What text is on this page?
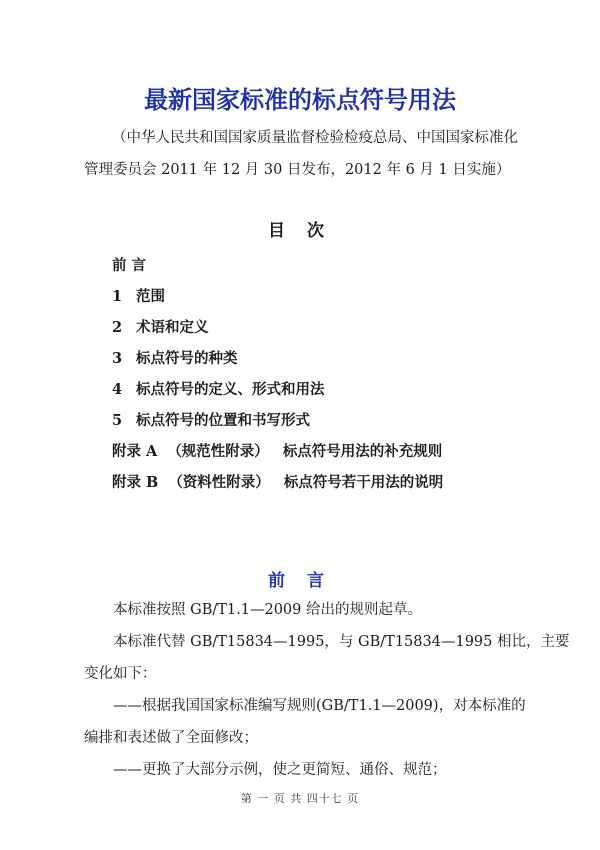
最新国家标准的标点符号用法

（中华人民共和国国家质量监督检验检疫总局、中国国家标准化
管理委员会 2011 年 12 月 30 日发布，2012 年 6 月 1 日实施）

目 次
前 言
1 范围
2 术语和定义
3 标点符号的种类
4 标点符号的定义、形式和用法
5 标点符号的位置和书写形式
附录 A （规范性附录） 标点符号用法的补充规则
附录 B （资料性附录） 标点符号若干用法的说明
前 言

本标准按照 GB/T1.1—2009 给出的规则起草。

本标准代替 GB/T15834—1995，与 GB/T15834—1995 相比，主要

变化如下：

——根据我国国家标准编写规则(GB/T1.1—2009)，对本标准的

编排和表述做了全面修改；

——更换了大部分示例，使之更简短、通俗、规范；

第 一 页 共 四十七 页
